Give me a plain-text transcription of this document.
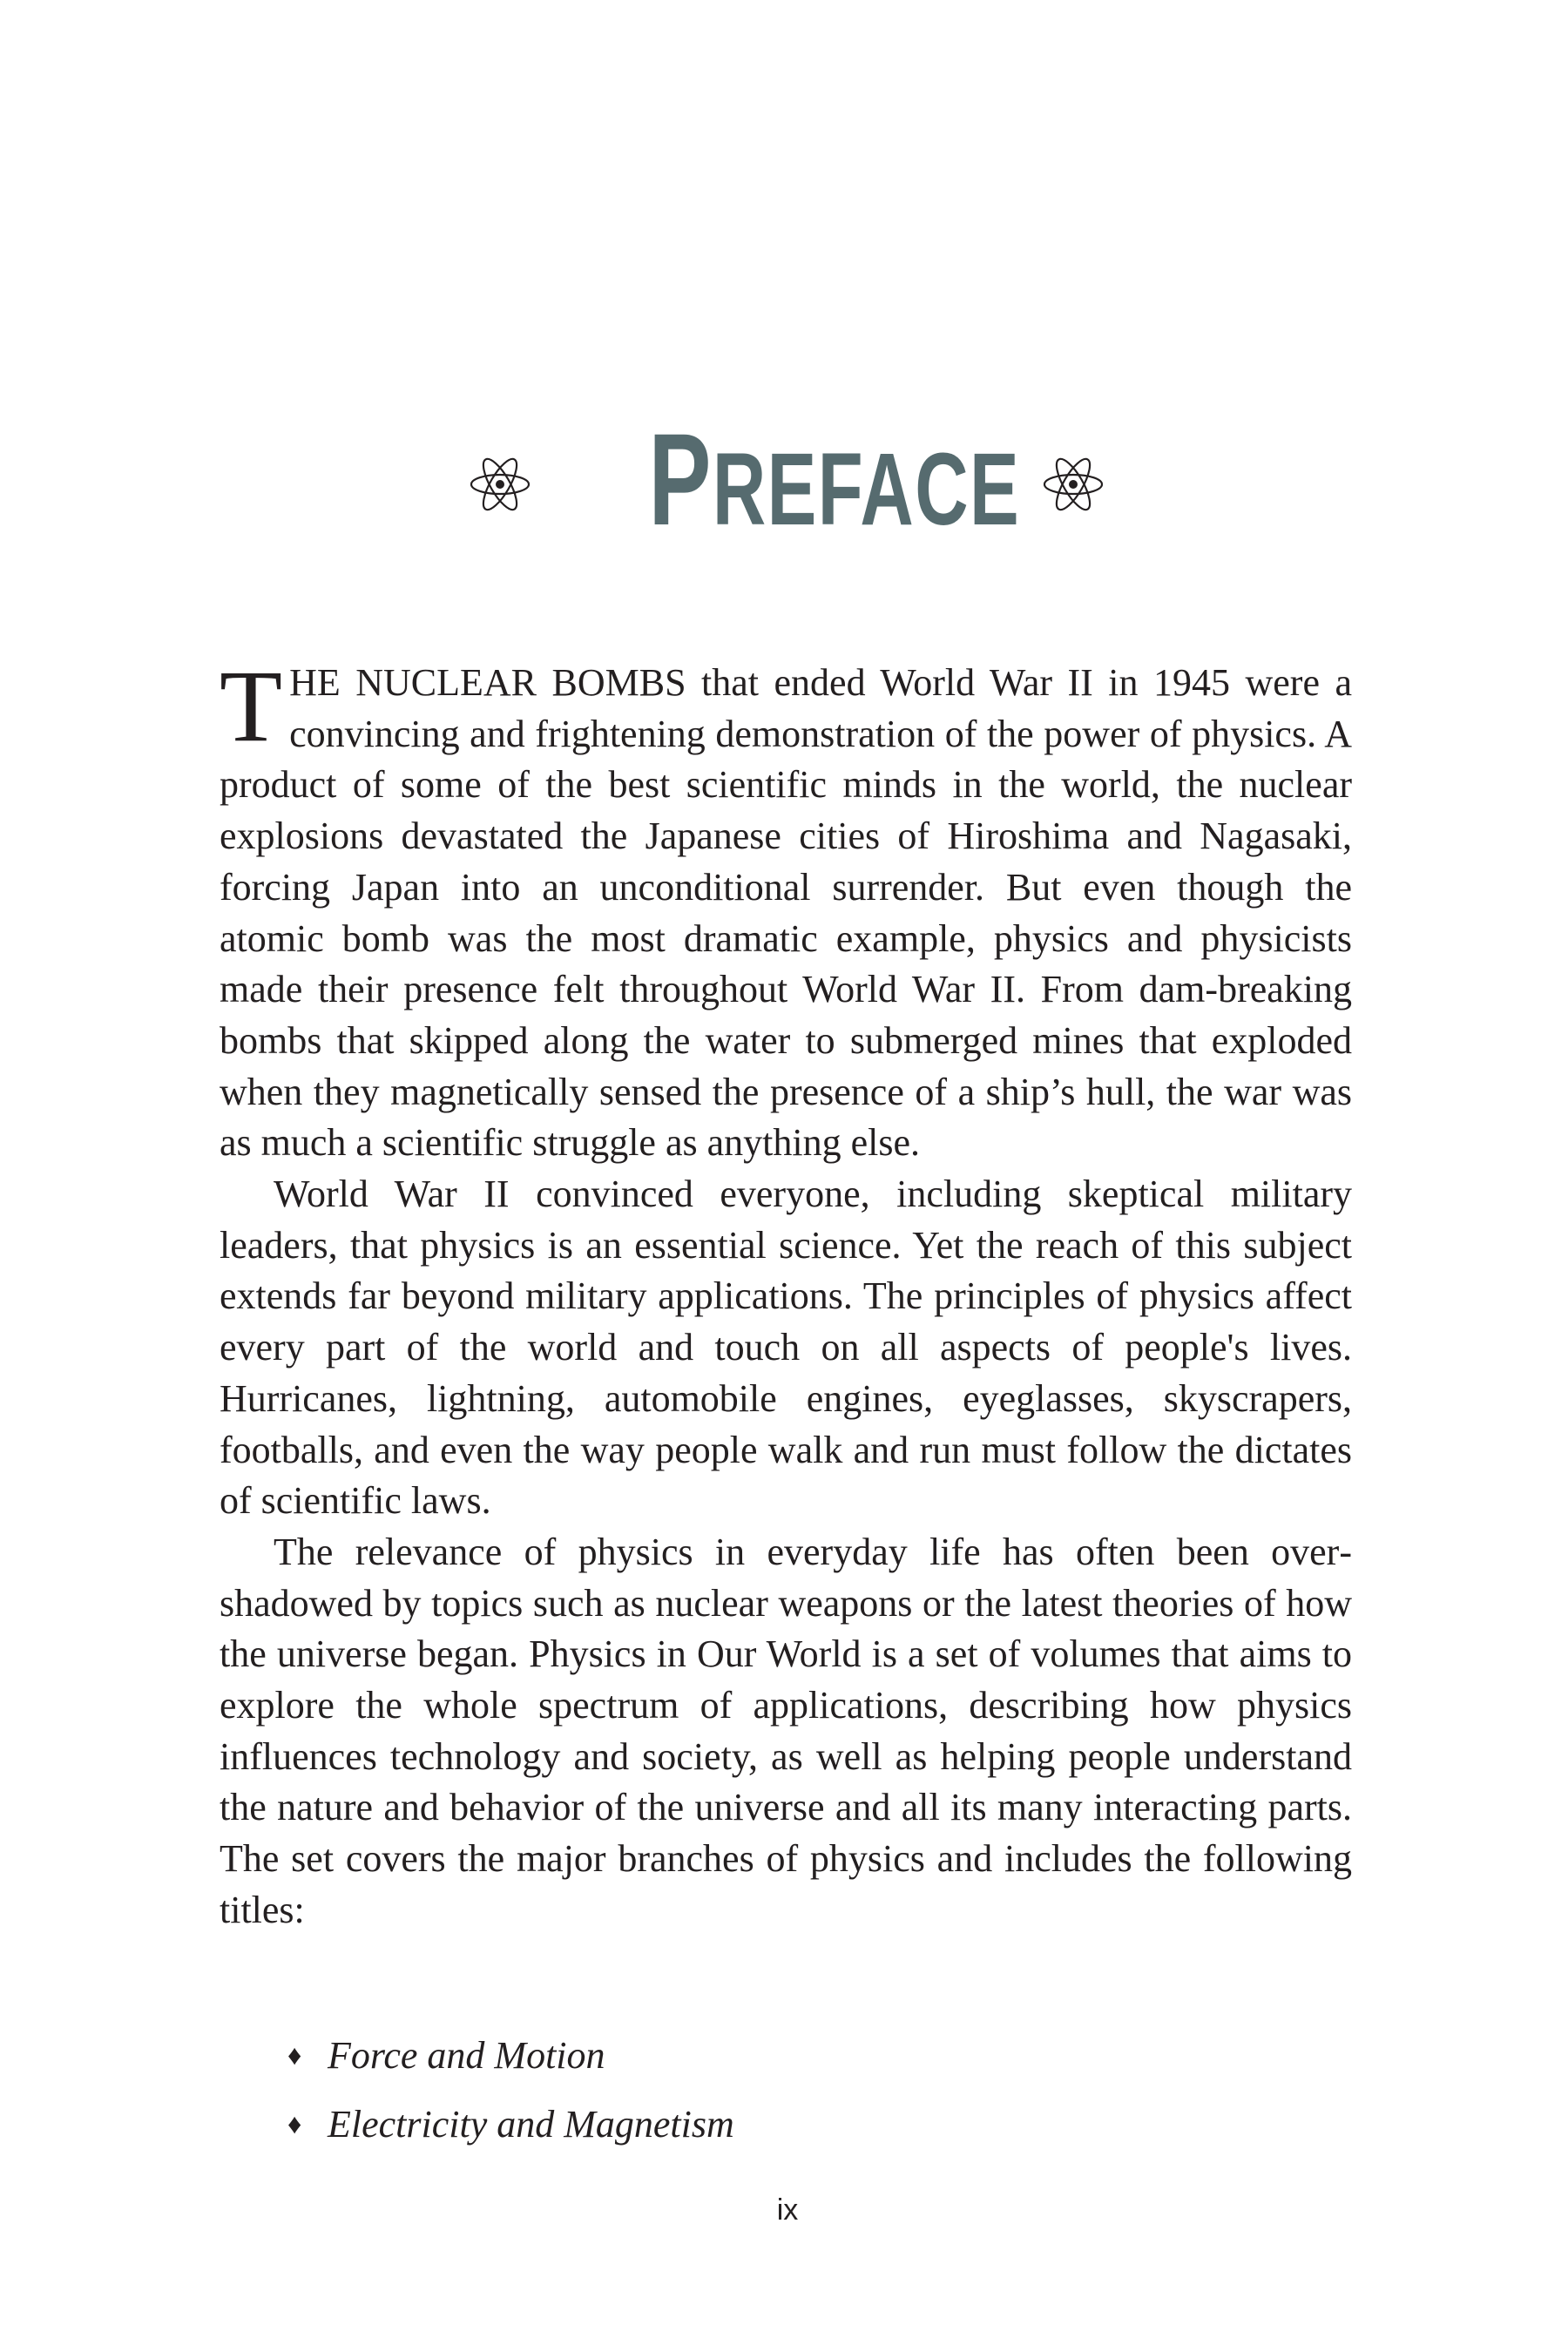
PREFACE

THE NUCLEAR BOMBS that ended World War II in 1945 were a convincing and frightening demonstration of the power of physics. A product of some of the best scientific minds in the world, the nuclear explosions devastated the Japanese cities of Hiroshima and Nagasaki, forcing Japan into an unconditional surrender. But even though the atomic bomb was the most dramatic example, physics and physicists made their presence felt throughout World War II. From dam-breaking bombs that skipped along the water to submerged mines that exploded when they magnetically sensed the presence of a ship’s hull, the war was as much a scientific struggle as anything else.

World War II convinced everyone, including skeptical military leaders, that physics is an essential science. Yet the reach of this subject extends far beyond military applications. The principles of physics affect every part of the world and touch on all aspects of people's lives. Hurricanes, lightning, automobile engines, eyeglasses, skyscrapers, footballs, and even the way people walk and run must follow the dictates of scientific laws.

The relevance of physics in everyday life has often been overshadowed by topics such as nuclear weapons or the latest theories of how the universe began. Physics in Our World is a set of volumes that aims to explore the whole spectrum of applications, describing how physics influences technology and society, as well as helping people understand the nature and behavior of the universe and all its many interacting parts. The set covers the major branches of physics and includes the following titles:

♦ Force and Motion
♦ Electricity and Magnetism
ix
